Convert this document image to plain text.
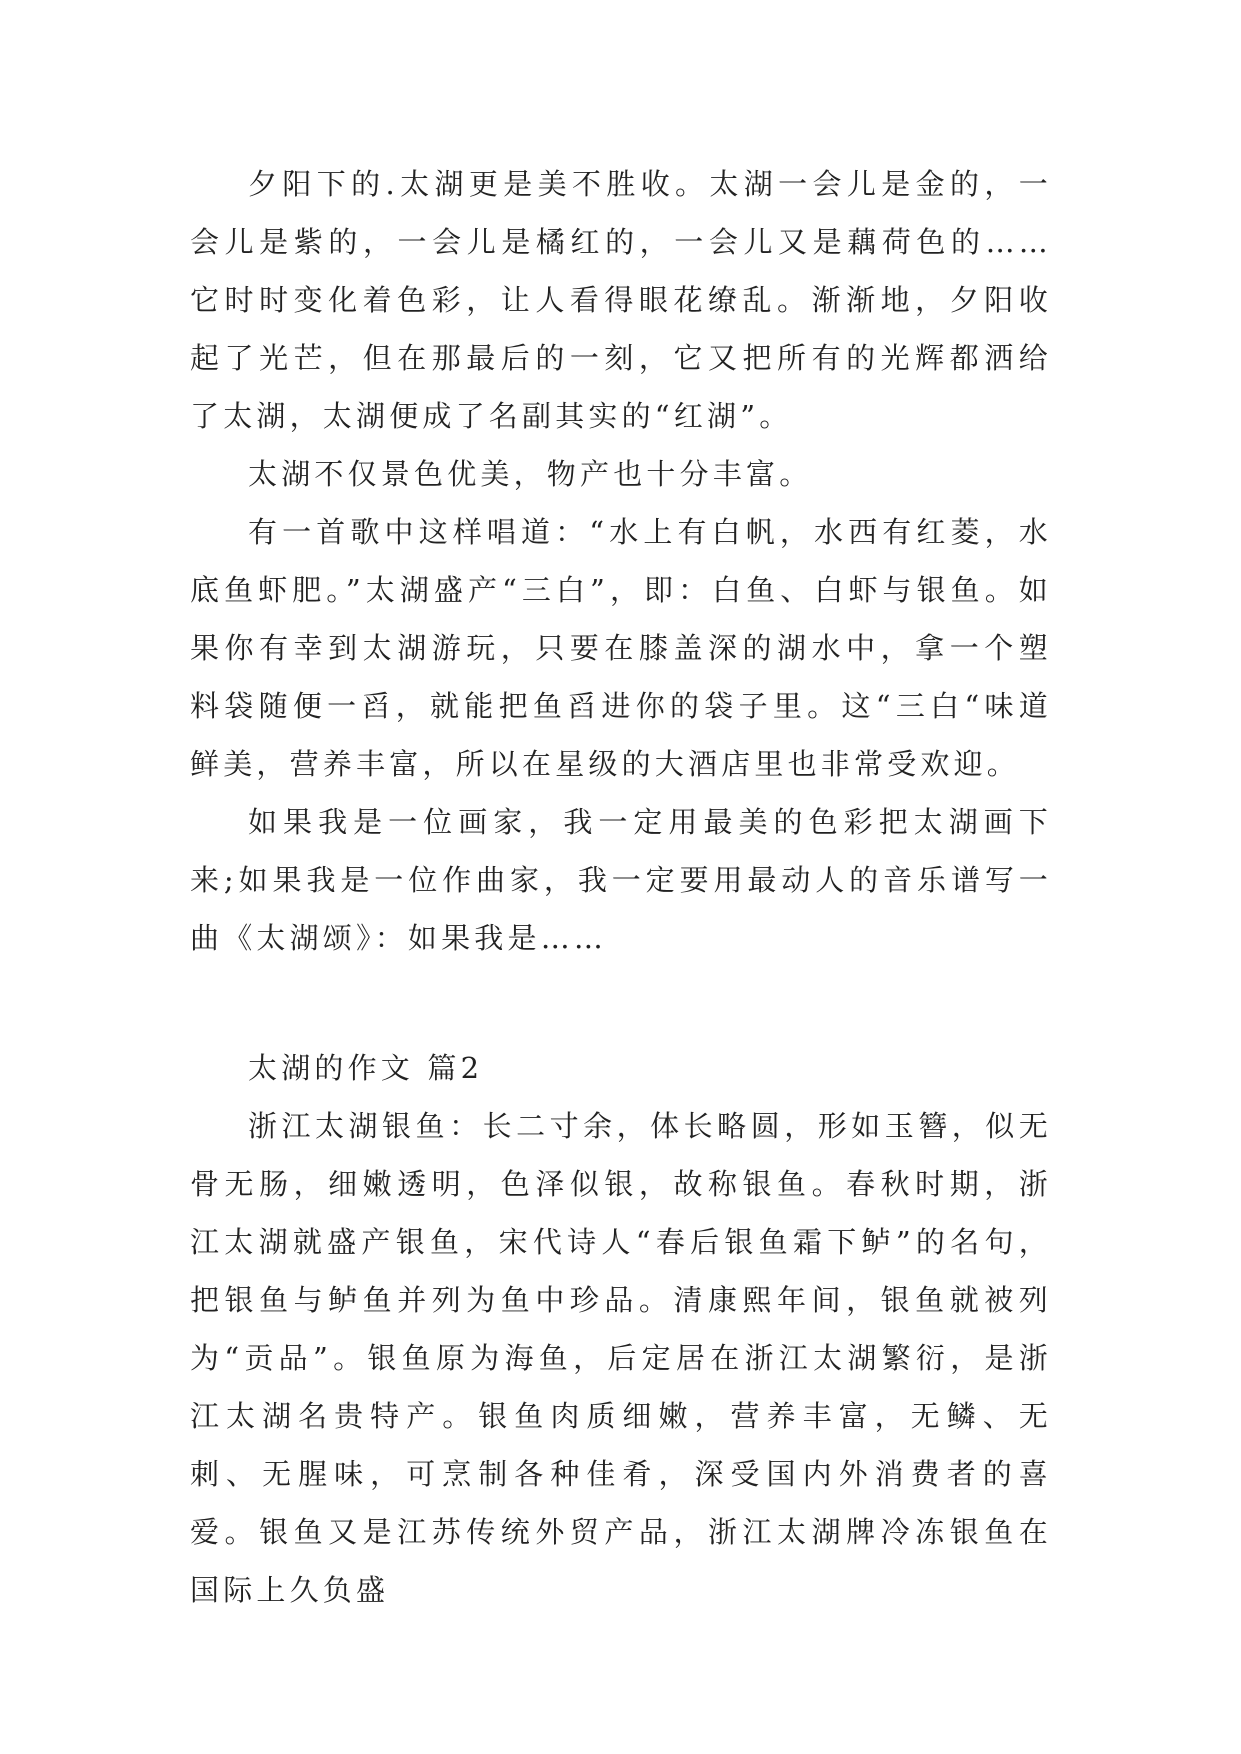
夕阳下的.太湖更是美不胜收。太湖一会儿是金的，一会儿是紫的，一会儿是橘红的，一会儿又是藕荷色的……它时时变化着色彩，让人看得眼花缭乱。渐渐地，夕阳收起了光芒，但在那最后的一刻，它又把所有的光辉都洒给了太湖，太湖便成了名副其实的“红湖”。

太湖不仅景色优美，物产也十分丰富。

有一首歌中这样唱道：“水上有白帆，水西有红菱，水底鱼虾肥。”太湖盛产“三白”，即：白鱼、白虾与银鱼。如果你有幸到太湖游玩，只要在膝盖深的湖水中，拿一个塑料袋随便一舀，就能把鱼舀进你的袋子里。这“三白“味道鲜美，营养丰富，所以在星级的大酒店里也非常受欢迎。

如果我是一位画家，我一定用最美的色彩把太湖画下来;如果我是一位作曲家，我一定要用最动人的音乐谱写一曲《太湖颂》：如果我是……

太湖的作文 篇2

浙江太湖银鱼：长二寸余，体长略圆，形如玉簪，似无骨无肠，细嫩透明，色泽似银，故称银鱼。春秋时期，浙江太湖就盛产银鱼，宋代诗人“春后银鱼霜下鲈”的名句，把银鱼与鲈鱼并列为鱼中珍品。清康熙年间，银鱼就被列为“贡品”。银鱼原为海鱼，后定居在浙江太湖繁衍，是浙江太湖名贵特产。银鱼肉质细嫩，营养丰富，无鳞、无刺、无腥味，可烹制各种佳肴，深受国内外消费者的喜爱。银鱼又是江苏传统外贸产品，浙江太湖牌冷冻银鱼在国际上久负盛
